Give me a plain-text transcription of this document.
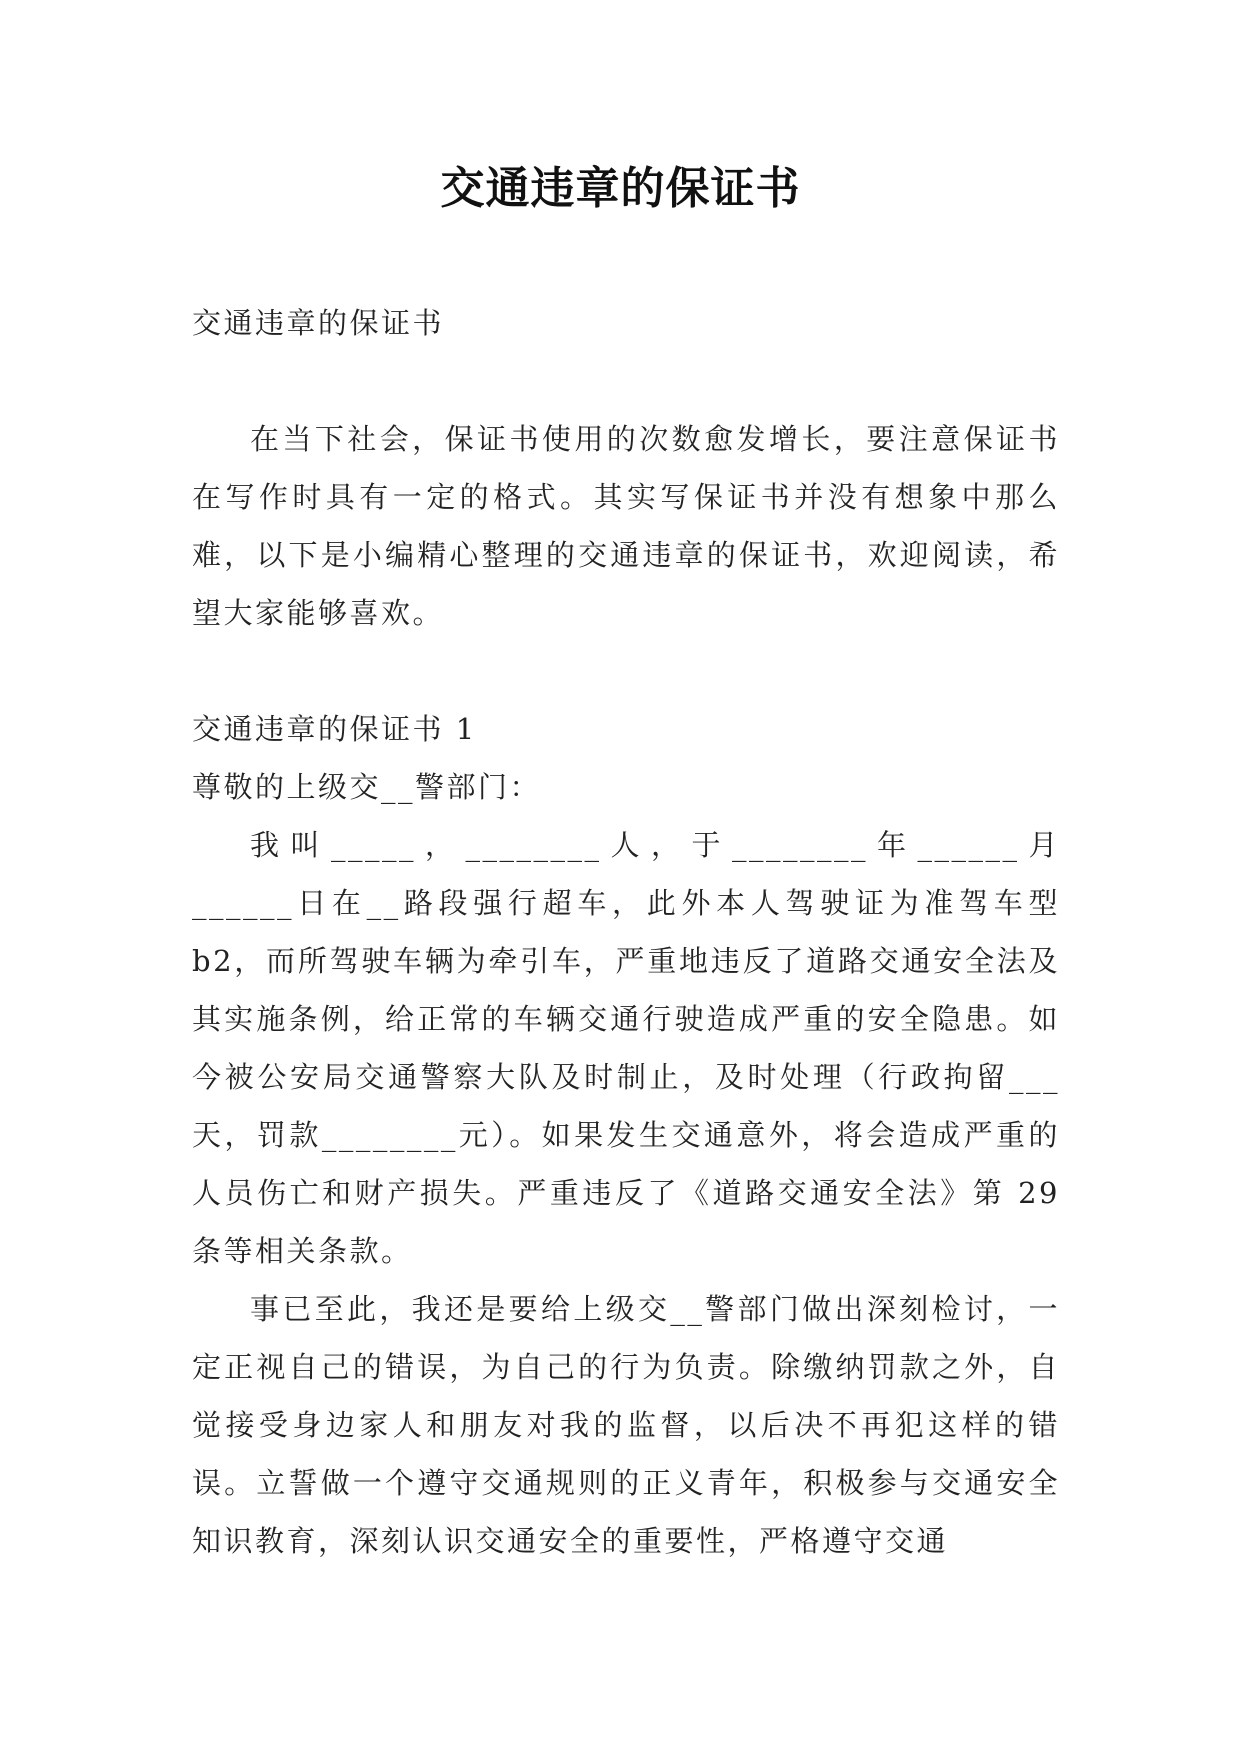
交通违章的保证书

交通违章的保证书

在当下社会，保证书使用的次数愈发增长，要注意保证书在写作时具有一定的格式。其实写保证书并没有想象中那么难，以下是小编精心整理的交通违章的保证书，欢迎阅读，希望大家能够喜欢。

交通违章的保证书 1

尊敬的上级交__警部门：

我叫_____，________人，于________年______月______日在__路段强行超车，此外本人驾驶证为准驾车型 b2，而所驾驶车辆为牵引车，严重地违反了道路交通安全法及其实施条例，给正常的车辆交通行驶造成严重的安全隐患。如今被公安局交通警察大队及时制止，及时处理（行政拘留___天，罚款________元）。如果发生交通意外，将会造成严重的人员伤亡和财产损失。严重违反了《道路交通安全法》第 29 条等相关条款。

事已至此，我还是要给上级交__警部门做出深刻检讨，一定正视自己的错误，为自己的行为负责。除缴纳罚款之外，自觉接受身边家人和朋友对我的监督，以后决不再犯这样的错误。立誓做一个遵守交通规则的正义青年，积极参与交通安全知识教育，深刻认识交通安全的重要性，严格遵守交通
